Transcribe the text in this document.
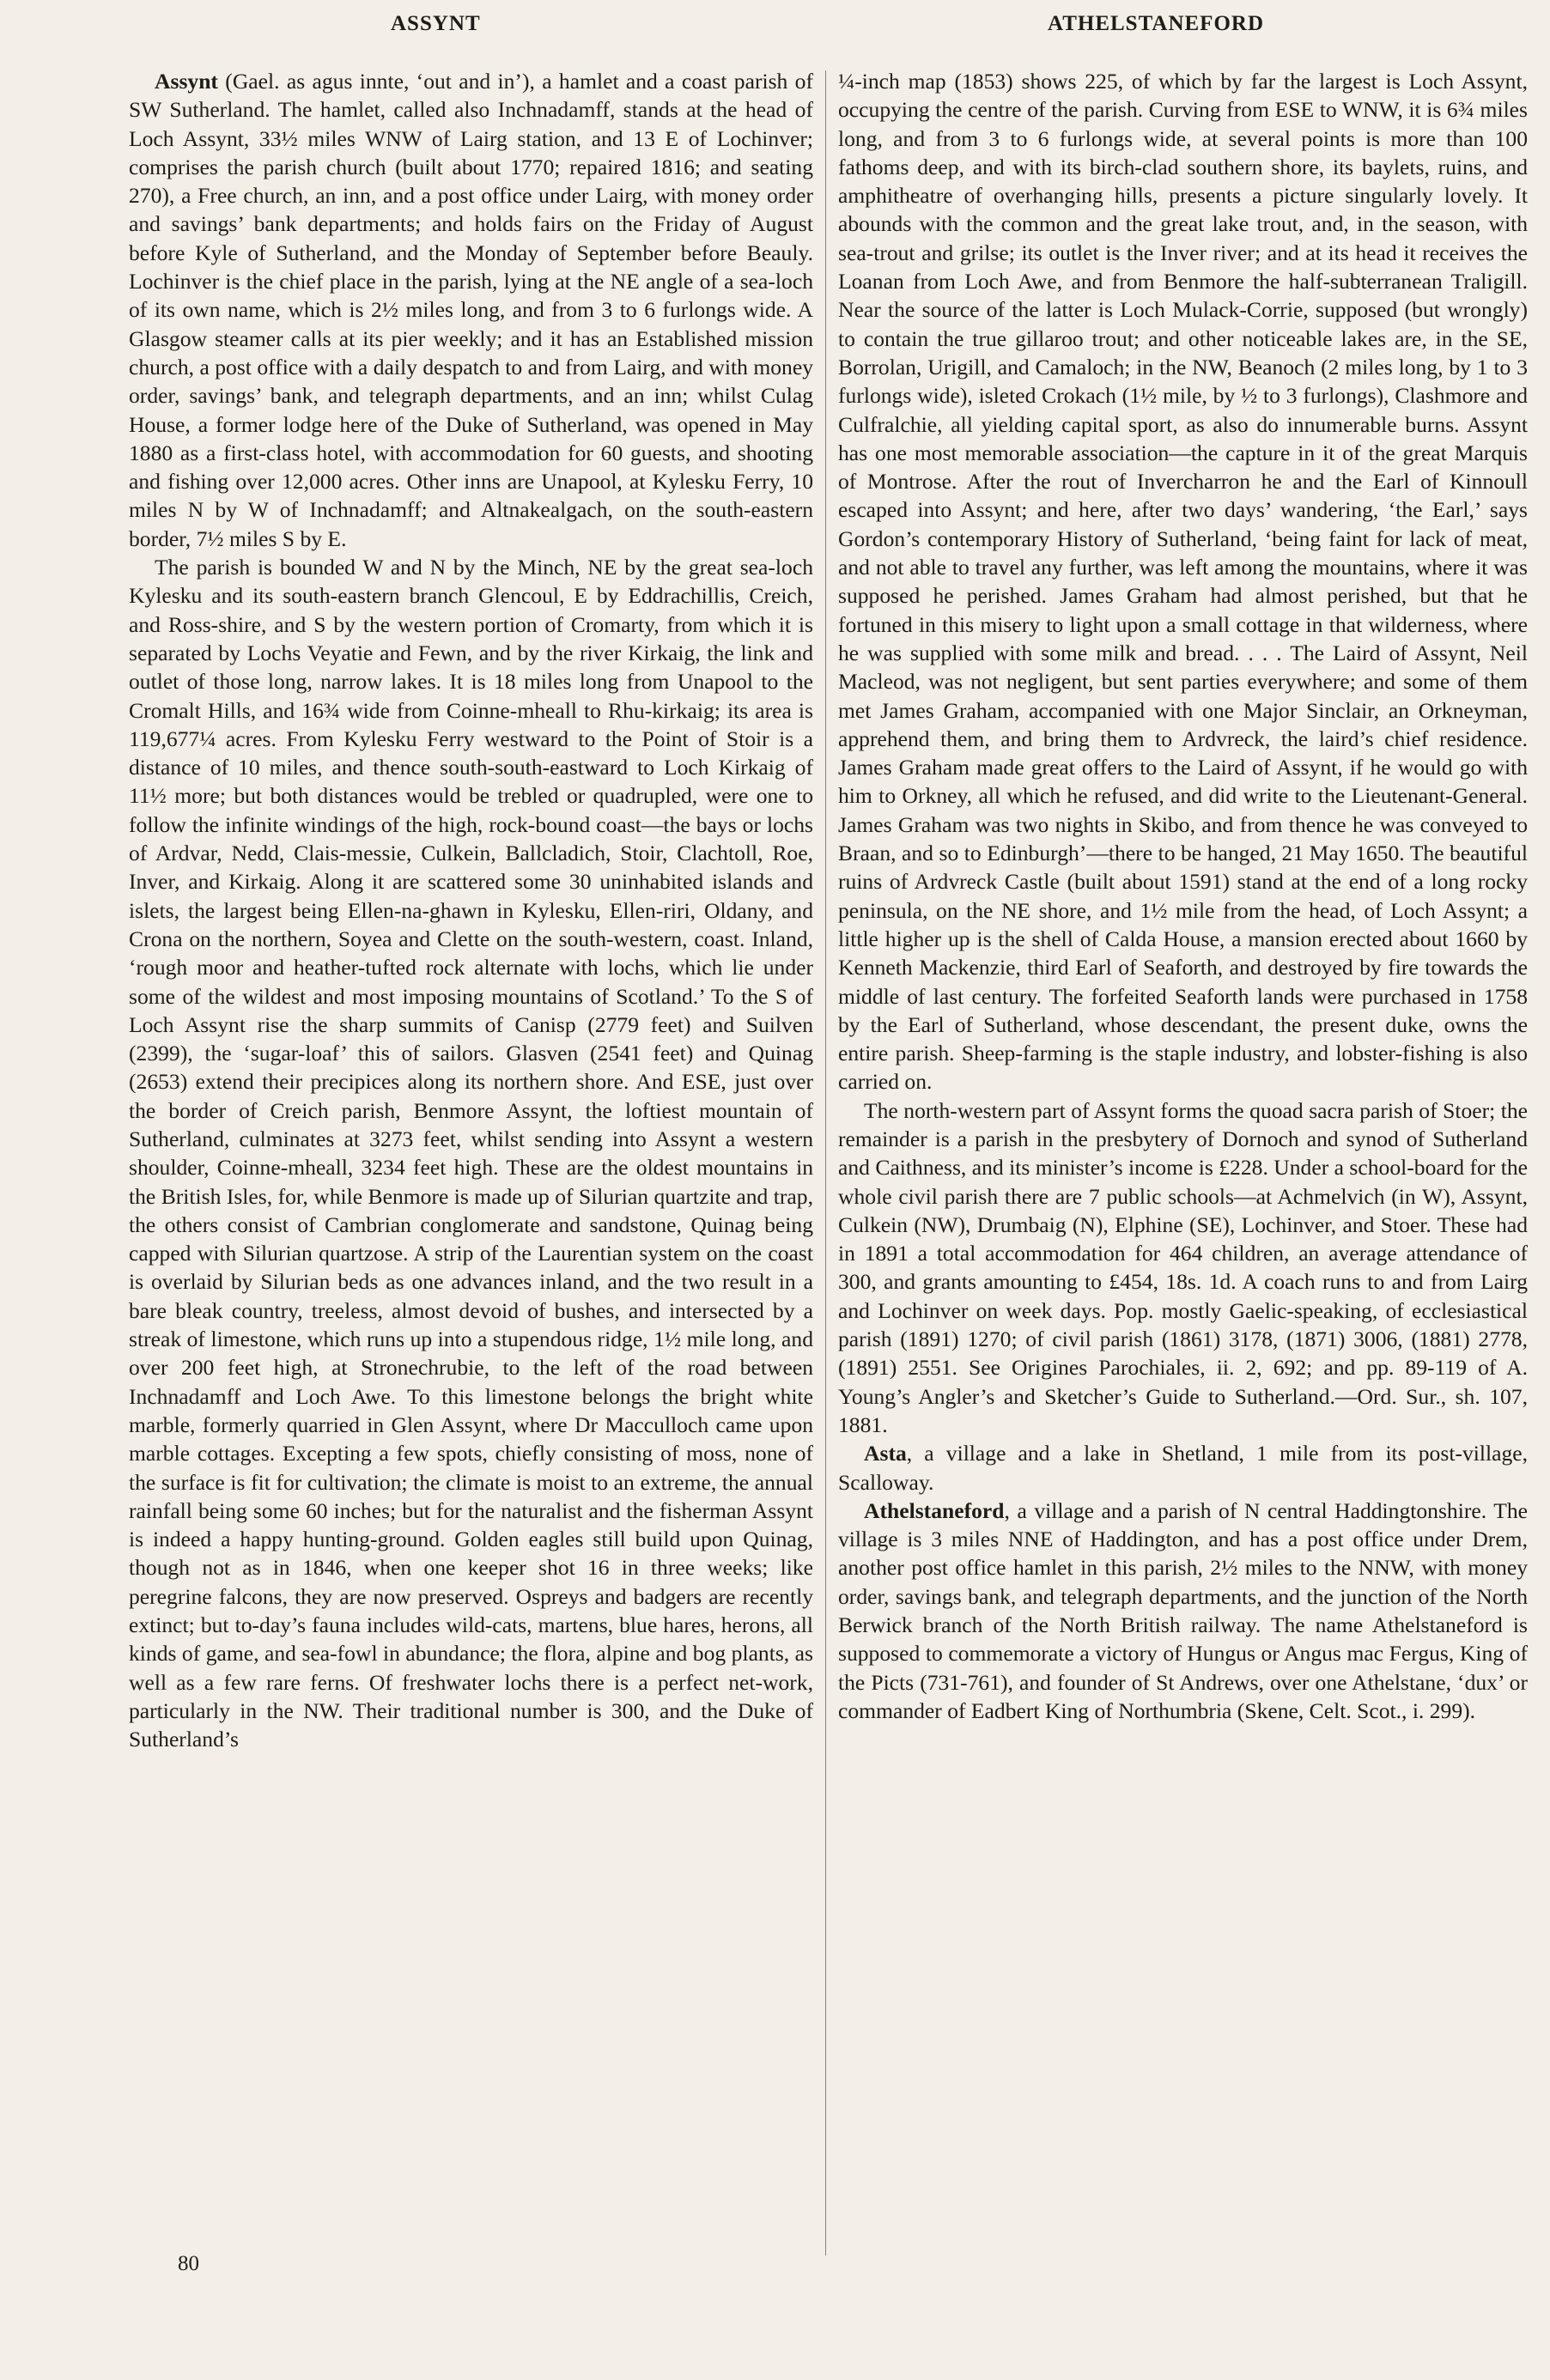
ASSYNT	ATHELSTANEFORD

Assynt (Gael. as agus innte, ‘out and in’), a hamlet and a coast parish of SW Sutherland. The hamlet, called also Inchnadamff, stands at the head of Loch Assynt, 33½ miles WNW of Lairg station, and 13 E of Lochinver; comprises the parish church (built about 1770; repaired 1816; and seating 270), a Free church, an inn, and a post office under Lairg, with money order and savings’ bank departments; and holds fairs on the Friday of August before Kyle of Sutherland, and the Monday of September before Beauly. Lochinver is the chief place in the parish, lying at the NE angle of a sea-loch of its own name, which is 2½ miles long, and from 3 to 6 furlongs wide. A Glasgow steamer calls at its pier weekly; and it has an Established mission church, a post office with a daily despatch to and from Lairg, and with money order, savings’ bank, and telegraph departments, and an inn; whilst Culag House, a former lodge here of the Duke of Sutherland, was opened in May 1880 as a first-class hotel, with accommodation for 60 guests, and shooting and fishing over 12,000 acres. Other inns are Unapool, at Kylesku Ferry, 10 miles N by W of Inchnadamff; and Altnakealgach, on the south-eastern border, 7½ miles S by E.

The parish is bounded W and N by the Minch, NE by the great sea-loch Kylesku and its south-eastern branch Glencoul, E by Eddrachillis, Creich, and Ross-shire, and S by the western portion of Cromarty, from which it is separated by Lochs Veyatie and Fewn, and by the river Kirkaig, the link and outlet of those long, narrow lakes. It is 18 miles long from Unapool to the Cromalt Hills, and 16¾ wide from Coinne-mheall to Rhu-kirkaig; its area is 119,677¼ acres. From Kylesku Ferry westward to the Point of Stoir is a distance of 10 miles, and thence south-south-eastward to Loch Kirkaig of 11½ more; but both distances would be trebled or quadrupled, were one to follow the infinite windings of the high, rock-bound coast—the bays or lochs of Ardvar, Nedd, Clais-messie, Culkein, Ballcladich, Stoir, Clachtoll, Roe, Inver, and Kirkaig. Along it are scattered some 30 uninhabited islands and islets, the largest being Ellen-na-ghawn in Kylesku, Ellen-riri, Oldany, and Crona on the northern, Soyea and Clette on the south-western, coast. Inland, ‘rough moor and heather-tufted rock alternate with lochs, which lie under some of the wildest and most imposing mountains of Scotland.’ To the S of Loch Assynt rise the sharp summits of Canisp (2779 feet) and Suilven (2399), the ‘sugar-loaf’ this of sailors. Glasven (2541 feet) and Quinag (2653) extend their precipices along its northern shore. And ESE, just over the border of Creich parish, Benmore Assynt, the loftiest mountain of Sutherland, culminates at 3273 feet, whilst sending into Assynt a western shoulder, Coinne-mheall, 3234 feet high. These are the oldest mountains in the British Isles, for, while Benmore is made up of Silurian quartzite and trap, the others consist of Cambrian conglomerate and sandstone, Quinag being capped with Silurian quartzose. A strip of the Laurentian system on the coast is overlaid by Silurian beds as one advances inland, and the two result in a bare bleak country, treeless, almost devoid of bushes, and intersected by a streak of limestone, which runs up into a stupendous ridge, 1½ mile long, and over 200 feet high, at Stronechrubie, to the left of the road between Inchnadamff and Loch Awe. To this limestone belongs the bright white marble, formerly quarried in Glen Assynt, where Dr Macculloch came upon marble cottages. Excepting a few spots, chiefly consisting of moss, none of the surface is fit for cultivation; the climate is moist to an extreme, the annual rainfall being some 60 inches; but for the naturalist and the fisherman Assynt is indeed a happy hunting-ground. Golden eagles still build upon Quinag, though not as in 1846, when one keeper shot 16 in three weeks; like peregrine falcons, they are now preserved. Ospreys and badgers are recently extinct; but to-day’s fauna includes wild-cats, martens, blue hares, herons, all kinds of game, and sea-fowl in abundance; the flora, alpine and bog plants, as well as a few rare ferns. Of freshwater lochs there is a perfect net-work, particularly in the NW. Their traditional number is 300, and the Duke of Sutherland’s

¼-inch map (1853) shows 225, of which by far the largest is Loch Assynt, occupying the centre of the parish. Curving from ESE to WNW, it is 6¾ miles long, and from 3 to 6 furlongs wide, at several points is more than 100 fathoms deep, and with its birch-clad southern shore, its baylets, ruins, and amphitheatre of overhanging hills, presents a picture singularly lovely. It abounds with the common and the great lake trout, and, in the season, with sea-trout and grilse; its outlet is the Inver river; and at its head it receives the Loanan from Loch Awe, and from Benmore the half-subterranean Traligill. Near the source of the latter is Loch Mulack-Corrie, supposed (but wrongly) to contain the true gillaroo trout; and other noticeable lakes are, in the SE, Borrolan, Urigill, and Camaloch; in the NW, Beanoch (2 miles long, by 1 to 3 furlongs wide), isleted Crokach (1½ mile, by ½ to 3 furlongs), Clashmore and Culfralchie, all yielding capital sport, as also do innumerable burns. Assynt has one most memorable association—the capture in it of the great Marquis of Montrose. After the rout of Invercharron he and the Earl of Kinnoull escaped into Assynt; and here, after two days’ wandering, ‘the Earl,’ says Gordon’s contemporary History of Sutherland, ‘being faint for lack of meat, and not able to travel any further, was left among the mountains, where it was supposed he perished. James Graham had almost perished, but that he fortuned in this misery to light upon a small cottage in that wilderness, where he was supplied with some milk and bread. . . . The Laird of Assynt, Neil Macleod, was not negligent, but sent parties everywhere; and some of them met James Graham, accompanied with one Major Sinclair, an Orkneyman, apprehend them, and bring them to Ardvreck, the laird’s chief residence. James Graham made great offers to the Laird of Assynt, if he would go with him to Orkney, all which he refused, and did write to the Lieutenant-General. James Graham was two nights in Skibo, and from thence he was conveyed to Braan, and so to Edinburgh’—there to be hanged, 21 May 1650. The beautiful ruins of Ardvreck Castle (built about 1591) stand at the end of a long rocky peninsula, on the NE shore, and 1½ mile from the head, of Loch Assynt; a little higher up is the shell of Calda House, a mansion erected about 1660 by Kenneth Mackenzie, third Earl of Seaforth, and destroyed by fire towards the middle of last century. The forfeited Seaforth lands were purchased in 1758 by the Earl of Sutherland, whose descendant, the present duke, owns the entire parish. Sheep-farming is the staple industry, and lobster-fishing is also carried on.

The north-western part of Assynt forms the quoad sacra parish of Stoer; the remainder is a parish in the presbytery of Dornoch and synod of Sutherland and Caithness, and its minister’s income is £228. Under a school-board for the whole civil parish there are 7 public schools—at Achmelvich (in W), Assynt, Culkein (NW), Drumbaig (N), Elphine (SE), Lochinver, and Stoer. These had in 1891 a total accommodation for 464 children, an average attendance of 300, and grants amounting to £454, 18s. 1d. A coach runs to and from Lairg and Lochinver on week days. Pop. mostly Gaelic-speaking, of ecclesiastical parish (1891) 1270; of civil parish (1861) 3178, (1871) 3006, (1881) 2778, (1891) 2551. See Origines Parochiales, ii. 2, 692; and pp. 89-119 of A. Young’s Angler’s and Sketcher’s Guide to Sutherland.—Ord. Sur., sh. 107, 1881.

Asta, a village and a lake in Shetland, 1 mile from its post-village, Scalloway.

Athelstaneford, a village and a parish of N central Haddingtonshire. The village is 3 miles NNE of Haddington, and has a post office under Drem, another post office hamlet in this parish, 2½ miles to the NNW, with money order, savings bank, and telegraph departments, and the junction of the North Berwick branch of the North British railway. The name Athelstaneford is supposed to commemorate a victory of Hungus or Angus mac Fergus, King of the Picts (731-761), and founder of St Andrews, over one Athelstane, ‘dux’ or commander of Eadbert King of Northumbria (Skene, Celt. Scot., i. 299).

80
